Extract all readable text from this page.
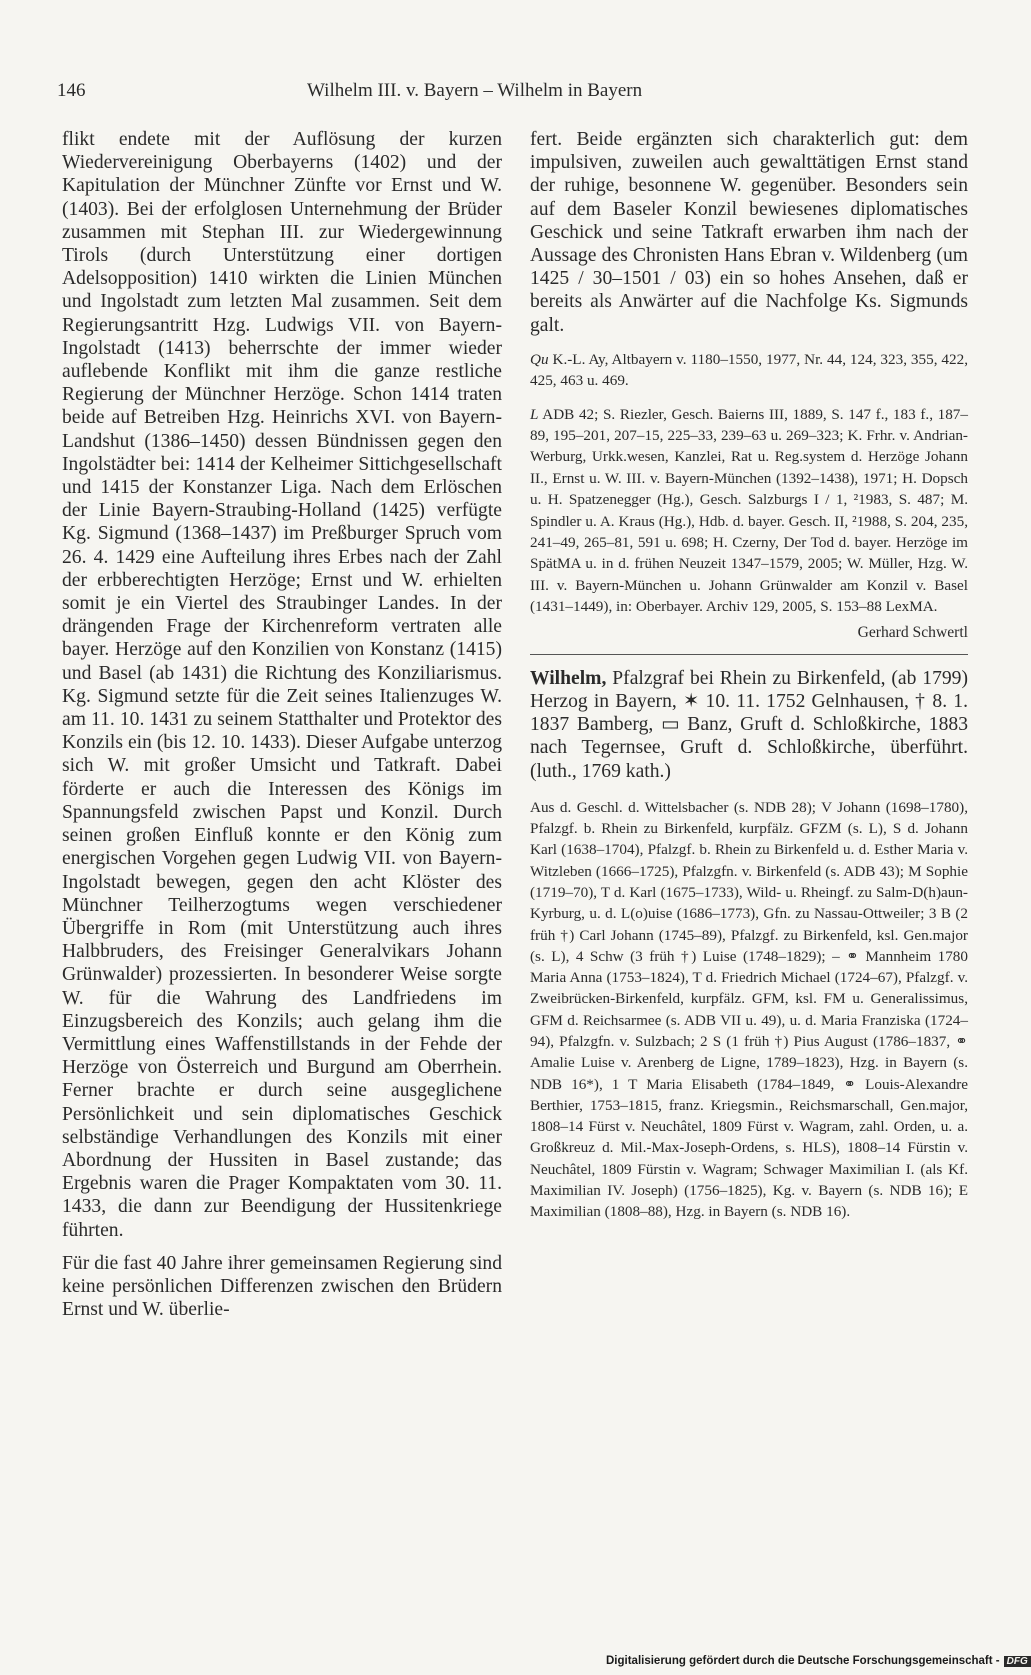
146	Wilhelm III. v. Bayern – Wilhelm in Bayern

flikt endete mit der Auflösung der kurzen Wiedervereinigung Oberbayerns (1402) und der Kapitulation der Münchner Zünfte vor Ernst und W. (1403). Bei der erfolglosen Unternehmung der Brüder zusammen mit Stephan III. zur Wiedergewinnung Tirols (durch Unterstützung einer dortigen Adelsopposition) 1410 wirkten die Linien München und Ingolstadt zum letzten Mal zusammen. Seit dem Regierungsantritt Hzg. Ludwigs VII. von Bayern-Ingolstadt (1413) beherrschte der immer wieder auflebende Konflikt mit ihm die ganze restliche Regierung der Münchner Herzöge. Schon 1414 traten beide auf Betreiben Hzg. Heinrichs XVI. von Bayern-Landshut (1386–1450) dessen Bündnissen gegen den Ingolstädter bei: 1414 der Kelheimer Sittichgesellschaft und 1415 der Konstanzer Liga. Nach dem Erlöschen der Linie Bayern-Straubing-Holland (1425) verfügte Kg. Sigmund (1368–1437) im Preßburger Spruch vom 26. 4. 1429 eine Aufteilung ihres Erbes nach der Zahl der erbberechtigten Herzöge; Ernst und W. erhielten somit je ein Viertel des Straubinger Landes. In der drängenden Frage der Kirchenreform vertraten alle bayer. Herzöge auf den Konzilien von Konstanz (1415) und Basel (ab 1431) die Richtung des Konziliarismus. Kg. Sigmund setzte für die Zeit seines Italienzuges W. am 11. 10. 1431 zu seinem Statthalter und Protektor des Konzils ein (bis 12. 10. 1433). Dieser Aufgabe unterzog sich W. mit großer Umsicht und Tatkraft. Dabei förderte er auch die Interessen des Königs im Spannungsfeld zwischen Papst und Konzil. Durch seinen großen Einfluß konnte er den König zum energischen Vorgehen gegen Ludwig VII. von Bayern-Ingolstadt bewegen, gegen den acht Klöster des Münchner Teilherzogtums wegen verschiedener Übergriffe in Rom (mit Unterstützung auch ihres Halbbruders, des Freisinger Generalvikars Johann Grünwalder) prozessierten. In besonderer Weise sorgte W. für die Wahrung des Landfriedens im Einzugsbereich des Konzils; auch gelang ihm die Vermittlung eines Waffenstillstands in der Fehde der Herzöge von Österreich und Burgund am Oberrhein. Ferner brachte er durch seine ausgeglichene Persönlichkeit und sein diplomatisches Geschick selbständige Verhandlungen des Konzils mit einer Abordnung der Hussiten in Basel zustande; das Ergebnis waren die Prager Kompaktaten vom 30. 11. 1433, die dann zur Beendigung der Hussitenkriege führten.

Für die fast 40 Jahre ihrer gemeinsamen Regierung sind keine persönlichen Differenzen zwischen den Brüdern Ernst und W. überlie-

fert. Beide ergänzten sich charakterlich gut: dem impulsiven, zuweilen auch gewalttätigen Ernst stand der ruhige, besonnene W. gegenüber. Besonders sein auf dem Baseler Konzil bewiesenes diplomatisches Geschick und seine Tatkraft erwarben ihm nach der Aussage des Chronisten Hans Ebran v. Wildenberg (um 1425 / 30–1501 / 03) ein so hohes Ansehen, daß er bereits als Anwärter auf die Nachfolge Ks. Sigmunds galt.

Qu K.-L. Ay, Altbayern v. 1180–1550, 1977, Nr. 44, 124, 323, 355, 422, 425, 463 u. 469.

L ADB 42; S. Riezler, Gesch. Baierns III, 1889, S. 147 f., 183 f., 187–89, 195–201, 207–15, 225–33, 239–63 u. 269–323; K. Frhr. v. Andrian-Werburg, Urkk.wesen, Kanzlei, Rat u. Reg.system d. Herzöge Johann II., Ernst u. W. III. v. Bayern-München (1392–1438), 1971; H. Dopsch u. H. Spatzenegger (Hg.), Gesch. Salzburgs I / 1, ²1983, S. 487; M. Spindler u. A. Kraus (Hg.), Hdb. d. bayer. Gesch. II, ²1988, S. 204, 235, 241–49, 265–81, 591 u. 698; H. Czerny, Der Tod d. bayer. Herzöge im SpätMA u. in d. frühen Neuzeit 1347–1579, 2005; W. Müller, Hzg. W. III. v. Bayern-München u. Johann Grünwalder am Konzil v. Basel (1431–1449), in: Oberbayer. Archiv 129, 2005, S. 153–88 LexMA.

Gerhard Schwertl

Wilhelm, Pfalzgraf bei Rhein zu Birkenfeld, (ab 1799) Herzog in Bayern, ✶ 10. 11. 1752 Gelnhausen, † 8. 1. 1837 Bamberg, ▭ Banz, Gruft d. Schloßkirche, 1883 nach Tegernsee, Gruft d. Schloßkirche, überführt. (luth., 1769 kath.)

Aus d. Geschl. d. Wittelsbacher (s. NDB 28); V Johann (1698–1780), Pfalzgf. b. Rhein zu Birkenfeld, kurpfälz. GFZM (s. L), S d. Johann Karl (1638–1704), Pfalzgf. b. Rhein zu Birkenfeld u. d. Esther Maria v. Witzleben (1666–1725), Pfalzgfn. v. Birkenfeld (s. ADB 43); M Sophie (1719–70), T d. Karl (1675–1733), Wild- u. Rheingf. zu Salm-D(h)aun-Kyrburg, u. d. L(o)uise (1686–1773), Gfn. zu Nassau-Ottweiler; 3 B (2 früh †) Carl Johann (1745–89), Pfalzgf. zu Birkenfeld, ksl. Gen.major (s. L), 4 Schw (3 früh †) Luise (1748–1829); – ⚭ Mannheim 1780 Maria Anna (1753–1824), T d. Friedrich Michael (1724–67), Pfalzgf. v. Zweibrücken-Birkenfeld, kurpfälz. GFM, ksl. FM u. Generalissimus, GFM d. Reichsarmee (s. ADB VII u. 49), u. d. Maria Franziska (1724–94), Pfalzgfn. v. Sulzbach; 2 S (1 früh †) Pius August (1786–1837, ⚭ Amalie Luise v. Arenberg de Ligne, 1789–1823), Hzg. in Bayern (s. NDB 16*), 1 T Maria Elisabeth (1784–1849, ⚭ Louis-Alexandre Berthier, 1753–1815, franz. Kriegsmin., Reichsmarschall, Gen.major, 1808–14 Fürst v. Neuchâtel, 1809 Fürst v. Wagram, zahl. Orden, u. a. Großkreuz d. Mil.-Max-Joseph-Ordens, s. HLS), 1808–14 Fürstin v. Neuchâtel, 1809 Fürstin v. Wagram; Schwager Maximilian I. (als Kf. Maximilian IV. Joseph) (1756–1825), Kg. v. Bayern (s. NDB 16); E Maximilian (1808–88), Hzg. in Bayern (s. NDB 16).

Digitalisierung gefördert durch die Deutsche Forschungsgemeinschaft - DFG
